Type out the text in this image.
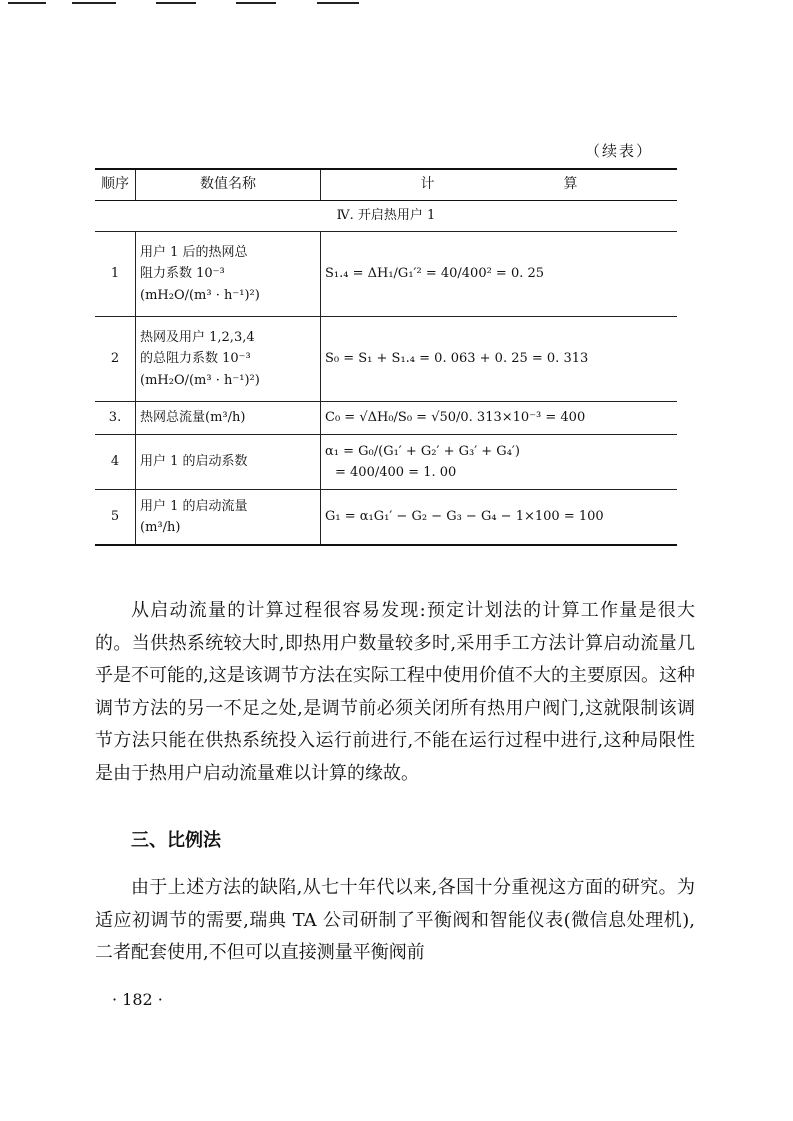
（续表）
顺序	数值名称	计 算
Ⅳ. 开启热用户 1		
1	用户 1 后的热网总
阻力系数 10⁻³
(mH₂O/(m³ · h⁻¹)²)	S₁.₄ = ΔH₁/G₁′² = 40/400² = 0. 25

2	热网及用户 1,2,3,4
的总阻力系数 10⁻³
(mH₂O/(m³ · h⁻¹)²)	S₀ = S₁ + S₁.₄ = 0. 063 + 0. 25 = 0. 313

3.	热网总流量(m³/h)	C₀ = √ΔH₀/S₀ = √50/0. 313×10⁻³ = 400

4	用户 1 的启动系数	α₁ = G₀/(G₁′ + G₂′ + G₃′ + G₄′)
= 400/400 = 1. 00

5	用户 1 的启动流量
(m³/h)	G₁ = α₁G₁′ − G₂ − G₃ − G₄ − 1×100 = 100

从启动流量的计算过程很容易发现:预定计划法的计算工作量是很大的。当供热系统较大时,即热用户数量较多时,采用手工方法计算启动流量几乎是不可能的,这是该调节方法在实际工程中使用价值不大的主要原因。这种调节方法的另一不足之处,是调节前必须关闭所有热用户阀门,这就限制该调节方法只能在供热系统投入运行前进行,不能在运行过程中进行,这种局限性是由于热用户启动流量难以计算的缘故。

三、比例法

由于上述方法的缺陷,从七十年代以来,各国十分重视这方面的研究。为适应初调节的需要,瑞典 TA 公司研制了平衡阀和智能仪表(微信息处理机),二者配套使用,不但可以直接测量平衡阀前

· 182 ·
